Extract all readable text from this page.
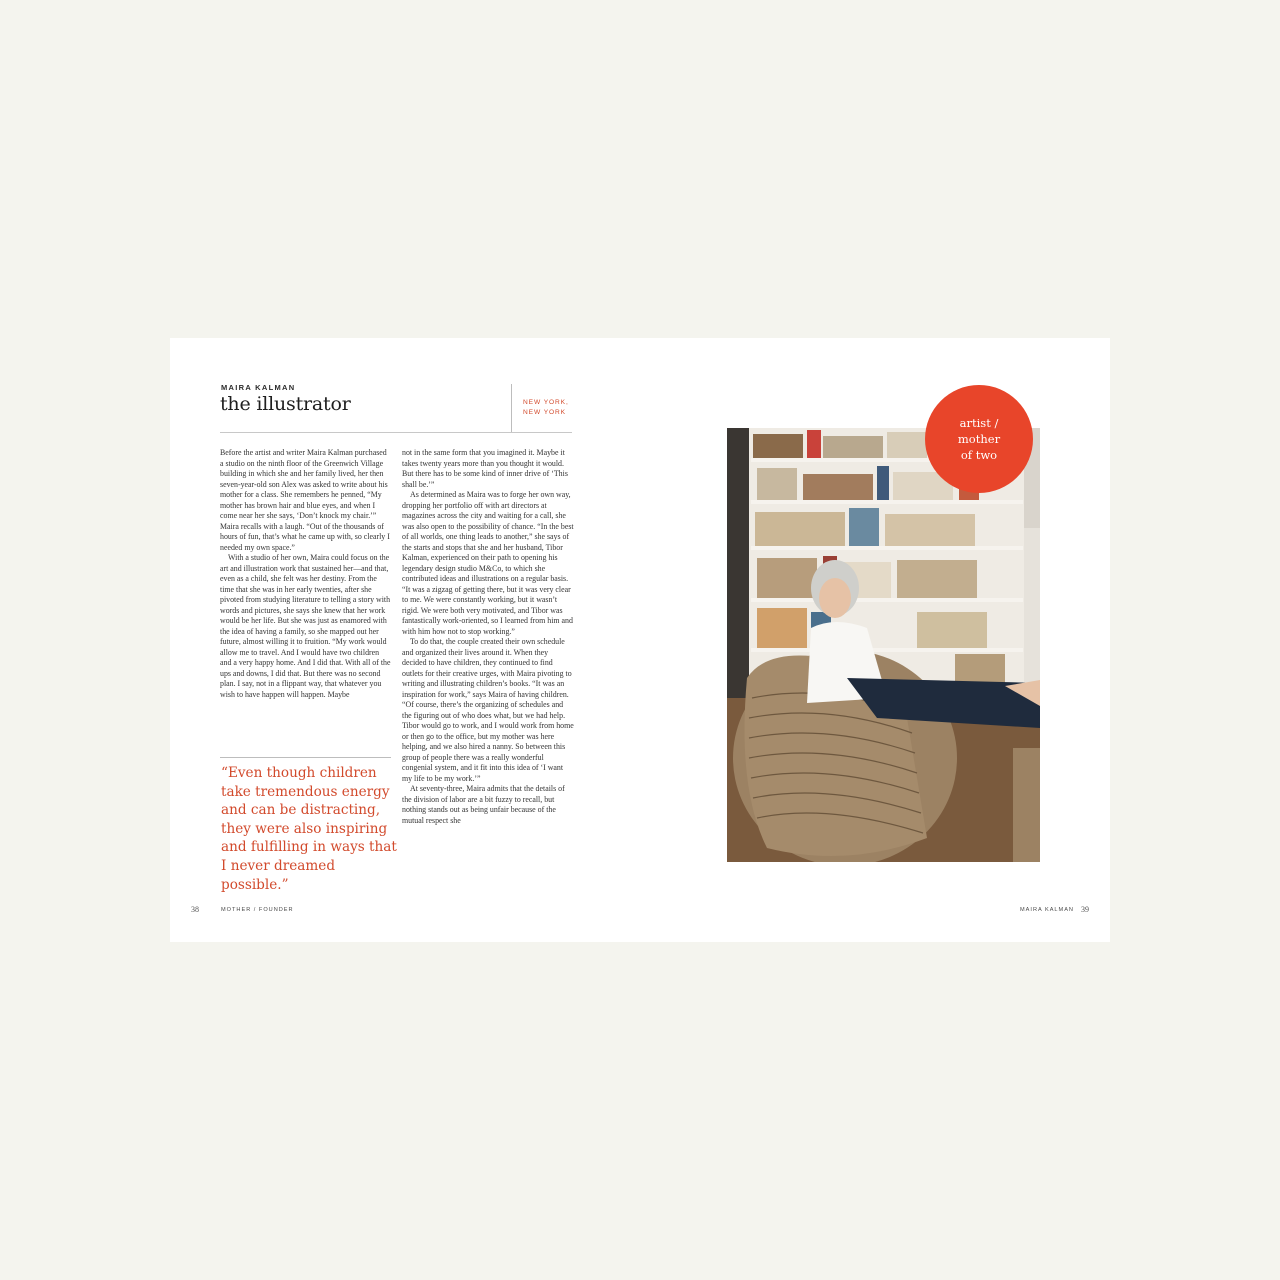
MAIRA KALMAN
the illustrator	NEW YORK,
NEW YORK

Before the artist and writer Maira Kalman purchased a studio on the ninth floor of the Greenwich Village building in which she and her family lived, her then seven-year-old son Alex was asked to write about his mother for a class. She remembers he penned, “My mother has brown hair and blue eyes, and when I come near her she says, ‘Don’t knock my chair.’” Maira recalls with a laugh. “Out of the thousands of hours of fun, that’s what he came up with, so clearly I needed my own space.”

With a studio of her own, Maira could focus on the art and illustration work that sustained her—and that, even as a child, she felt was her destiny. From the time that she was in her early twenties, after she pivoted from studying literature to telling a story with words and pictures, she says she knew that her work would be her life. But she was just as enamored with the idea of having a family, so she mapped out her future, almost willing it to fruition. “My work would allow me to travel. And I would have two children and a very happy home. And I did that. With all of the ups and downs, I did that. But there was no second plan. I say, not in a flippant way, that whatever you wish to have happen will happen. Maybe

“Even though children take tremendous energy and can be distracting, they were also inspiring and fulfilling in ways that I never dreamed possible.”

not in the same form that you imagined it. Maybe it takes twenty years more than you thought it would. But there has to be some kind of inner drive of ‘This shall be.’”

As determined as Maira was to forge her own way, dropping her portfolio off with art directors at magazines across the city and waiting for a call, she was also open to the possibility of chance. “In the best of all worlds, one thing leads to another,” she says of the starts and stops that she and her husband, Tibor Kalman, experienced on their path to opening his legendary design studio M&Co, to which she contributed ideas and illustrations on a regular basis. “It was a zigzag of getting there, but it was very clear to me. We were constantly working, but it wasn’t rigid. We were both very motivated, and Tibor was fantastically work-oriented, so I learned from him and with him how not to stop working.”

To do that, the couple created their own schedule and organized their lives around it. When they decided to have children, they continued to find outlets for their creative urges, with Maira pivoting to writing and illustrating children’s books. “It was an inspiration for work,” says Maira of having children. “Of course, there’s the organizing of schedules and the figuring out of who does what, but we had help. Tibor would go to work, and I would work from home or then go to the office, but my mother was here helping, and we also hired a nanny. So between this group of people there was a really wonderful congenial system, and it fit into this idea of ‘I want my life to be my work.’”

At seventy-three, Maira admits that the details of the division of labor are a bit fuzzy to recall, but nothing stands out as being unfair because of the mutual respect she

38	MOTHER / FOUNDER
artist /
mother
of two
MAIRA KALMAN 39
